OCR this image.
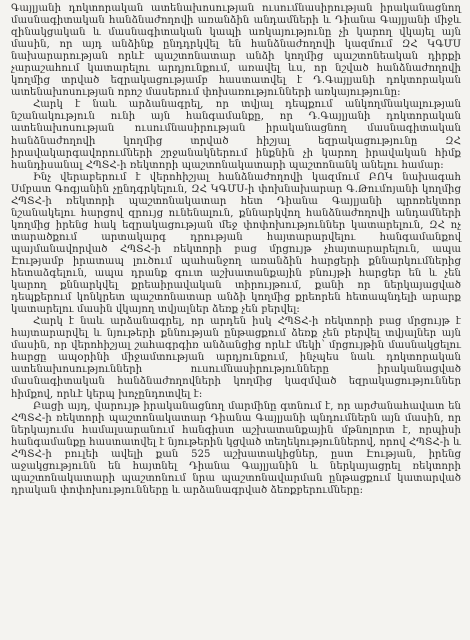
Գայլյանի դոկտորական ատենախոսության ուսումնասիրության իրականացնող մասնագիտական հանձնաժողովի առանձին անդամների և Դիանա Գայլյանի միջև զինակցական և մասնագիտական կապի առկայությունը չի կարող վկայել այն մասին, որ այդ անձինք ընդդրկվել են հանձնաժողովի կազմում ԶՀ ԿԳՄՍ նախարարության որևէ պաշտոնատար անձի կողմից պաշտոնեական դիրքի չարաշահում կատարելու արդյունքում, առավել ևս, որ նշված հանձնաժողովի կողմից տրված եզրակացությամբ հաստատվել է Դ.Գայլյանի դոկտորական ատենախոսության որոշ մասերում փոխառությունների առկայությունը:

Հարկ է նաև արձանագրել, որ տվյալ դեպքում անկողմնակալության նշանակություն ունի այն հանգամանքը, որ Դ.Գայլյանի դոկտորական ատենախոսության ուսումնասիրության իրականացնող մասնագիտական հանձնաժողովի կողմից տրված հիշյալ եզրակացությունը ԶՀ իրավակարգավորումների շրջանակներում ինքնին չի կարող իրավական հիմք հանդիսանալ ՀՊՏՀ-ի ռեկտորի պաշտոնակատարի պաշտոնանկ անելու համար:

Ինչ վերաբերում է վերոհիշյալ հանձնաժողովի կազմում ԲՈԿ նախագահ Սմբատ Գոգյանին չընդգրկելուն, ԶՀ ԿԳՄՍ-ի փոխնախարար Գ.Թումոյանի կողմից ՀՊՏՀ-ի ռեկտորի պաշտոնակատար հետ Դիանա Գայլյանի պրոռեկտոր նշանակելու հարցով զրույց ունենալուն, քննարկվող հանձնաժողովի անդամների կողմից իրենց հակ եզրակացության մեջ փոփոխություններ կատարելուն, ԶՀ ոչ տարածքում արտակարգ դրության հայտարարվելու հանգամանքով պայմանավորված ՀՊՏՀ-ի ռեկտորի բաց մրցույթ չհայտարարելուն, ապա Էությամբ իրատապ լուծում պահանջող առանձին հարցերի քննարկումներից հետաձգելուն, ապա դրանք գուտ աշխատանքային բնույթի հարցեր են և չեն կարող քննարկվել քրեաիրավական տիրույթում, քանի որ ներկայացված դեպքերում կոնկրետ պաշտոնատար անձի կողմից քրեորեն հետապնդելի արարք կատարելու մասին վկայող տվյալներ ձեռք չեն բերվել:

Հարկ է նաև արձանագրել, որ արդեն իսկ ՀՊՏՀ-ի ռեկտորի բաց մրցույթ է հայտարարվել և նյութերի քննության ընթացքում ձեռք չեն բերվել տվյալներ այն մասին, որ վերոհիշյալ շահագրգիռ անձանցից որևէ մեկի՝ մրցույթին մասնակցելու հարցը ապօրինի միջամտության արդյունքում, ինչպես նաև դոկտորական ատենախոսությունների ուսումնասիրությունները իրականացված մասնագիտական հանձնաժողովների կողմից կազմված եզրակացություններ հիմքով, որևէ կերպ խոչընդոտվել է:

Բացի այդ, վարույթ իրականացնող մարմինը գտնում է, որ արժանահավատ են ՀՊՏՀ-ի ռեկտորի պաշտոնակատար Դիանա Գայլյանի պնդումներն այն մասին, որ ներկայումս համալսարանում հանգիստ աշխատանքային մթնոլորտ է, որպիսի հանգամանքը հաստատվել է նյութերին կցված տեղեկություններով, որով ՀՊՏՀ-ի և ՀՊՏՀ-ի բուլեի ավելի քան 525 աշխատակիցներ, ըստ Էության, իրենց աջակցությունն են հայտնել Դիանա Գայլյանին և ներկայացրել ռեկտորի պաշտոնակատարի պաշտոնում նրա պաշտոնավարման ընթացքում կատարված դրական փոփոխությունները և արձանագրված ձեռքբերումները:
